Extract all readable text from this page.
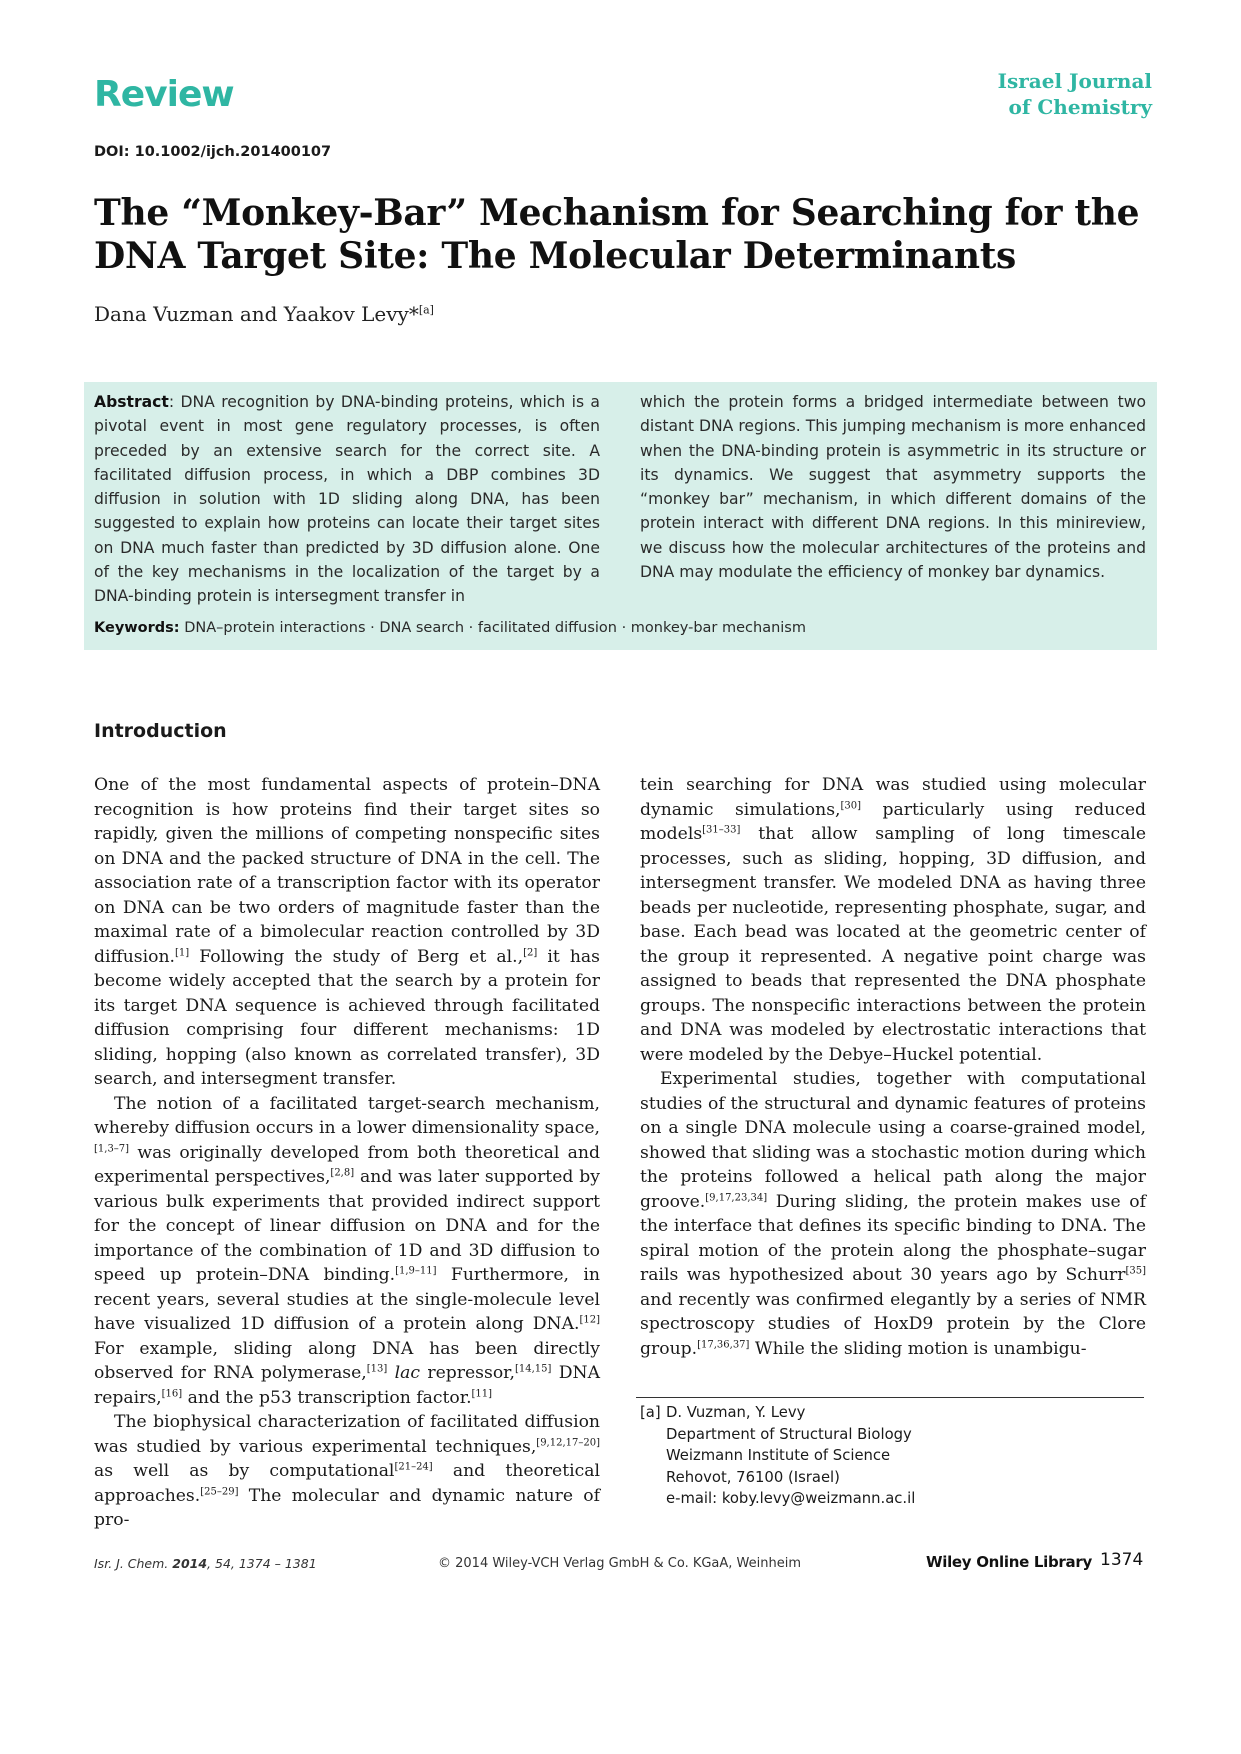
Review	Israel Journal
of Chemistry
DOI: 10.1002/ijch.201400107
The “Monkey-Bar” Mechanism for Searching for the DNA Target Site: The Molecular Determinants
Dana Vuzman and Yaakov Levy*[a]
Abstract: DNA recognition by DNA-binding proteins, which is a pivotal event in most gene regulatory processes, is often preceded by an extensive search for the correct site. A facilitated diffusion process, in which a DBP combines 3D diffusion in solution with 1D sliding along DNA, has been suggested to explain how proteins can locate their target sites on DNA much faster than predicted by 3D diffusion alone. One of the key mechanisms in the localization of the target by a DNA-binding protein is intersegment transfer in
which the protein forms a bridged intermediate between two distant DNA regions. This jumping mechanism is more enhanced when the DNA-binding protein is asymmetric in its structure or its dynamics. We suggest that asymmetry supports the “monkey bar” mechanism, in which different domains of the protein interact with different DNA regions. In this minireview, we discuss how the molecular architectures of the proteins and DNA may modulate the efficiency of monkey bar dynamics.
Keywords: DNA–protein interactions · DNA search · facilitated diffusion · monkey-bar mechanism
Introduction

One of the most fundamental aspects of protein–DNA recognition is how proteins find their target sites so rapidly, given the millions of competing nonspecific sites on DNA and the packed structure of DNA in the cell. The association rate of a transcription factor with its operator on DNA can be two orders of magnitude faster than the maximal rate of a bimolecular reaction controlled by 3D diffusion.[1] Following the study of Berg et al.,[2] it has become widely accepted that the search by a protein for its target DNA sequence is achieved through facilitated diffusion comprising four different mechanisms: 1D sliding, hopping (also known as correlated transfer), 3D search, and intersegment transfer.

The notion of a facilitated target-search mechanism, whereby diffusion occurs in a lower dimensionality space,[1,3–7] was originally developed from both theoretical and experimental perspectives,[2,8] and was later supported by various bulk experiments that provided indirect support for the concept of linear diffusion on DNA and for the importance of the combination of 1D and 3D diffusion to speed up protein–DNA binding.[1,9–11] Furthermore, in recent years, several studies at the single-molecule level have visualized 1D diffusion of a protein along DNA.[12] For example, sliding along DNA has been directly observed for RNA polymerase,[13] lac repressor,[14,15] DNA repairs,[16] and the p53 transcription factor.[11]

The biophysical characterization of facilitated diffusion was studied by various experimental techniques,[9,12,17–20] as well as by computational[21–24] and theoretical approaches.[25–29] The molecular and dynamic nature of pro-

tein searching for DNA was studied using molecular dynamic simulations,[30] particularly using reduced models[31–33] that allow sampling of long timescale processes, such as sliding, hopping, 3D diffusion, and intersegment transfer. We modeled DNA as having three beads per nucleotide, representing phosphate, sugar, and base. Each bead was located at the geometric center of the group it represented. A negative point charge was assigned to beads that represented the DNA phosphate groups. The nonspecific interactions between the protein and DNA was modeled by electrostatic interactions that were modeled by the Debye–Huckel potential.

Experimental studies, together with computational studies of the structural and dynamic features of proteins on a single DNA molecule using a coarse-grained model, showed that sliding was a stochastic motion during which the proteins followed a helical path along the major groove.[9,17,23,34] During sliding, the protein makes use of the interface that defines its specific binding to DNA. The spiral motion of the protein along the phosphate–sugar rails was hypothesized about 30 years ago by Schurr[35] and recently was confirmed elegantly by a series of NMR spectroscopy studies of HoxD9 protein by the Clore group.[17,36,37] While the sliding motion is unambigu-

[a] D. Vuzman, Y. Levy
Department of Structural Biology
Weizmann Institute of Science
Rehovot, 76100 (Israel)
e-mail: koby.levy@weizmann.ac.il
Isr. J. Chem. 2014, 54, 1374 – 1381	© 2014 Wiley-VCH Verlag GmbH & Co. KGaA, Weinheim	Wiley Online Library 1374
